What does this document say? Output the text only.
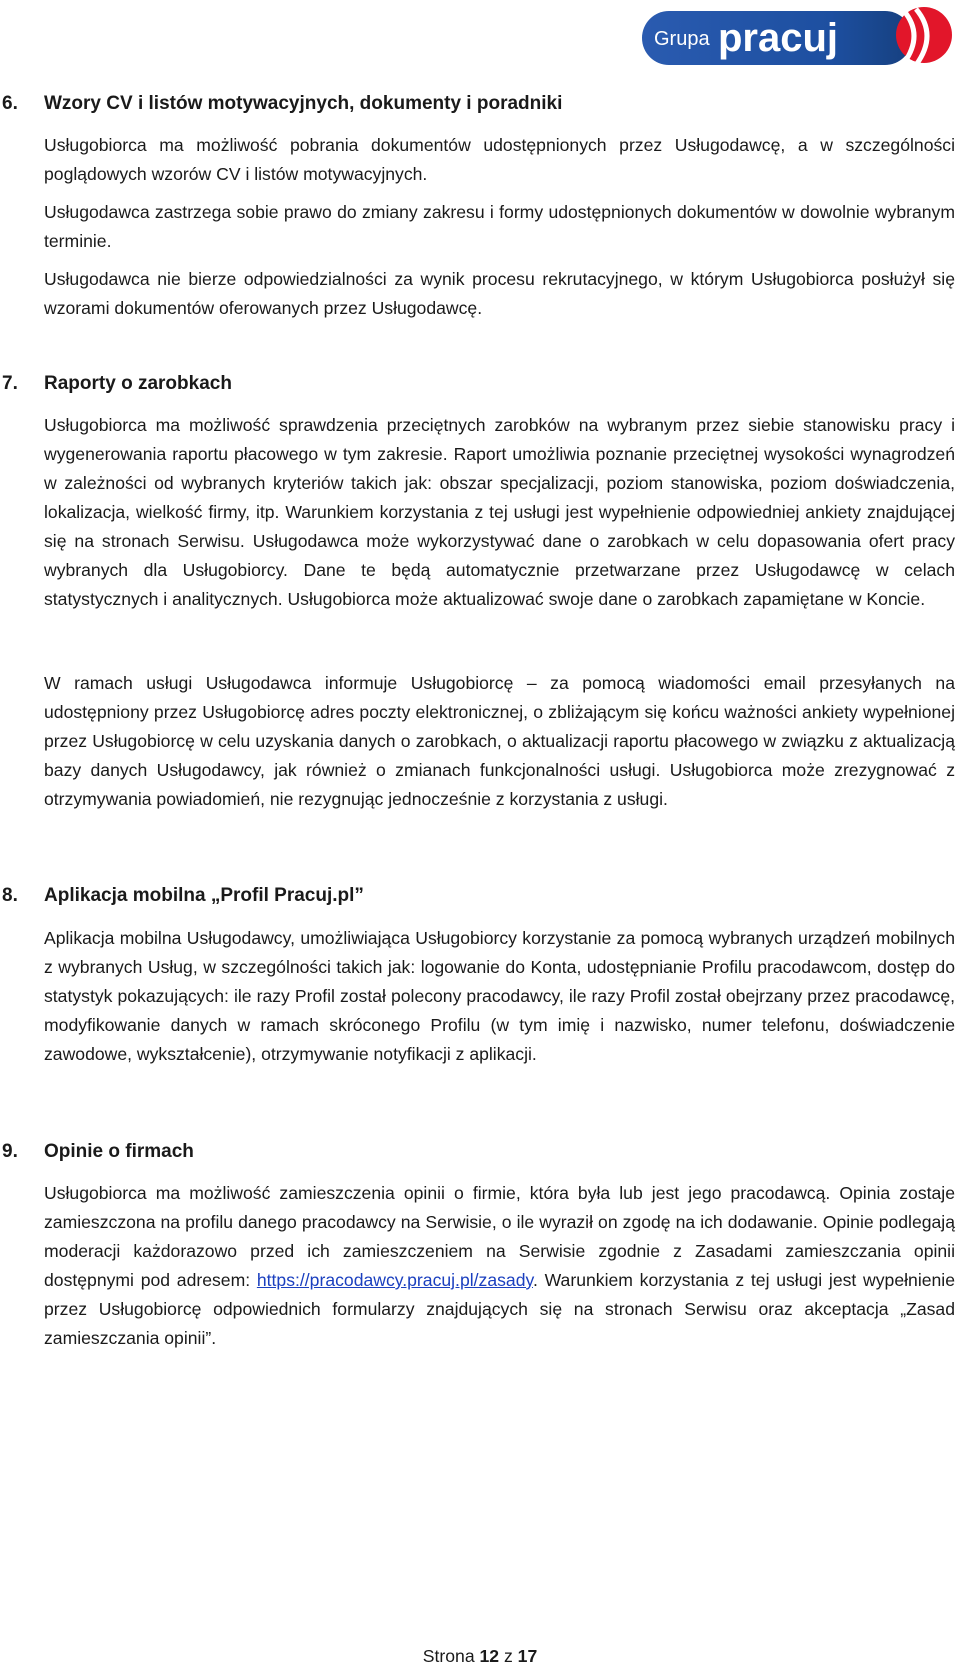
Grupa pracuj
6. Wzory CV i listów motywacyjnych, dokumenty i poradniki

Usługobiorca ma możliwość pobrania dokumentów udostępnionych przez Usługodawcę, a w szczególności poglądowych wzorów CV i listów motywacyjnych.

Usługodawca zastrzega sobie prawo do zmiany zakresu i formy udostępnionych dokumentów w dowolnie wybranym terminie.

Usługodawca nie bierze odpowiedzialności za wynik procesu rekrutacyjnego, w którym Usługobiorca posłużył się wzorami dokumentów oferowanych przez Usługodawcę.

7. Raporty o zarobkach

Usługobiorca ma możliwość sprawdzenia przeciętnych zarobków na wybranym przez siebie stanowisku pracy i wygenerowania raportu płacowego w tym zakresie. Raport umożliwia poznanie przeciętnej wysokości wynagrodzeń w zależności od wybranych kryteriów takich jak: obszar specjalizacji, poziom stanowiska, poziom doświadczenia, lokalizacja, wielkość firmy, itp. Warunkiem korzystania z tej usługi jest wypełnienie odpowiedniej ankiety znajdującej się na stronach Serwisu. Usługodawca może wykorzystywać dane o zarobkach w celu dopasowania ofert pracy wybranych dla Usługobiorcy. Dane te będą automatycznie przetwarzane przez Usługodawcę w celach statystycznych i analitycznych. Usługobiorca może aktualizować swoje dane o zarobkach zapamiętane w Koncie.

W ramach usługi Usługodawca informuje Usługobiorcę – za pomocą wiadomości email przesyłanych na udostępniony przez Usługobiorcę adres poczty elektronicznej, o zbliżającym się końcu ważności ankiety wypełnionej przez Usługobiorcę w celu uzyskania danych o zarobkach, o aktualizacji raportu płacowego w związku z aktualizacją bazy danych Usługodawcy, jak również o zmianach funkcjonalności usługi. Usługobiorca może zrezygnować z otrzymywania powiadomień, nie rezygnując jednocześnie z korzystania z usługi.

8. Aplikacja mobilna „Profil Pracuj.pl”

Aplikacja mobilna Usługodawcy, umożliwiająca Usługobiorcy korzystanie za pomocą wybranych urządzeń mobilnych z wybranych Usług, w szczególności takich jak: logowanie do Konta, udostępnianie Profilu pracodawcom, dostęp do statystyk pokazujących: ile razy Profil został polecony pracodawcy, ile razy Profil został obejrzany przez pracodawcę, modyfikowanie danych w ramach skróconego Profilu (w tym imię i nazwisko, numer telefonu, doświadczenie zawodowe, wykształcenie), otrzymywanie notyfikacji z aplikacji.

9. Opinie o firmach

Usługobiorca ma możliwość zamieszczenia opinii o firmie, która była lub jest jego pracodawcą. Opinia zostaje zamieszczona na profilu danego pracodawcy na Serwisie, o ile wyraził on zgodę na ich dodawanie. Opinie podlegają moderacji każdorazowo przed ich zamieszczeniem na Serwisie zgodnie z Zasadami zamieszczania opinii dostępnymi pod adresem: https://pracodawcy.pracuj.pl/zasady. Warunkiem korzystania z tej usługi jest wypełnienie przez Usługobiorcę odpowiednich formularzy znajdujących się na stronach Serwisu oraz akceptacja „Zasad zamieszczania opinii”.

Strona 12 z 17
